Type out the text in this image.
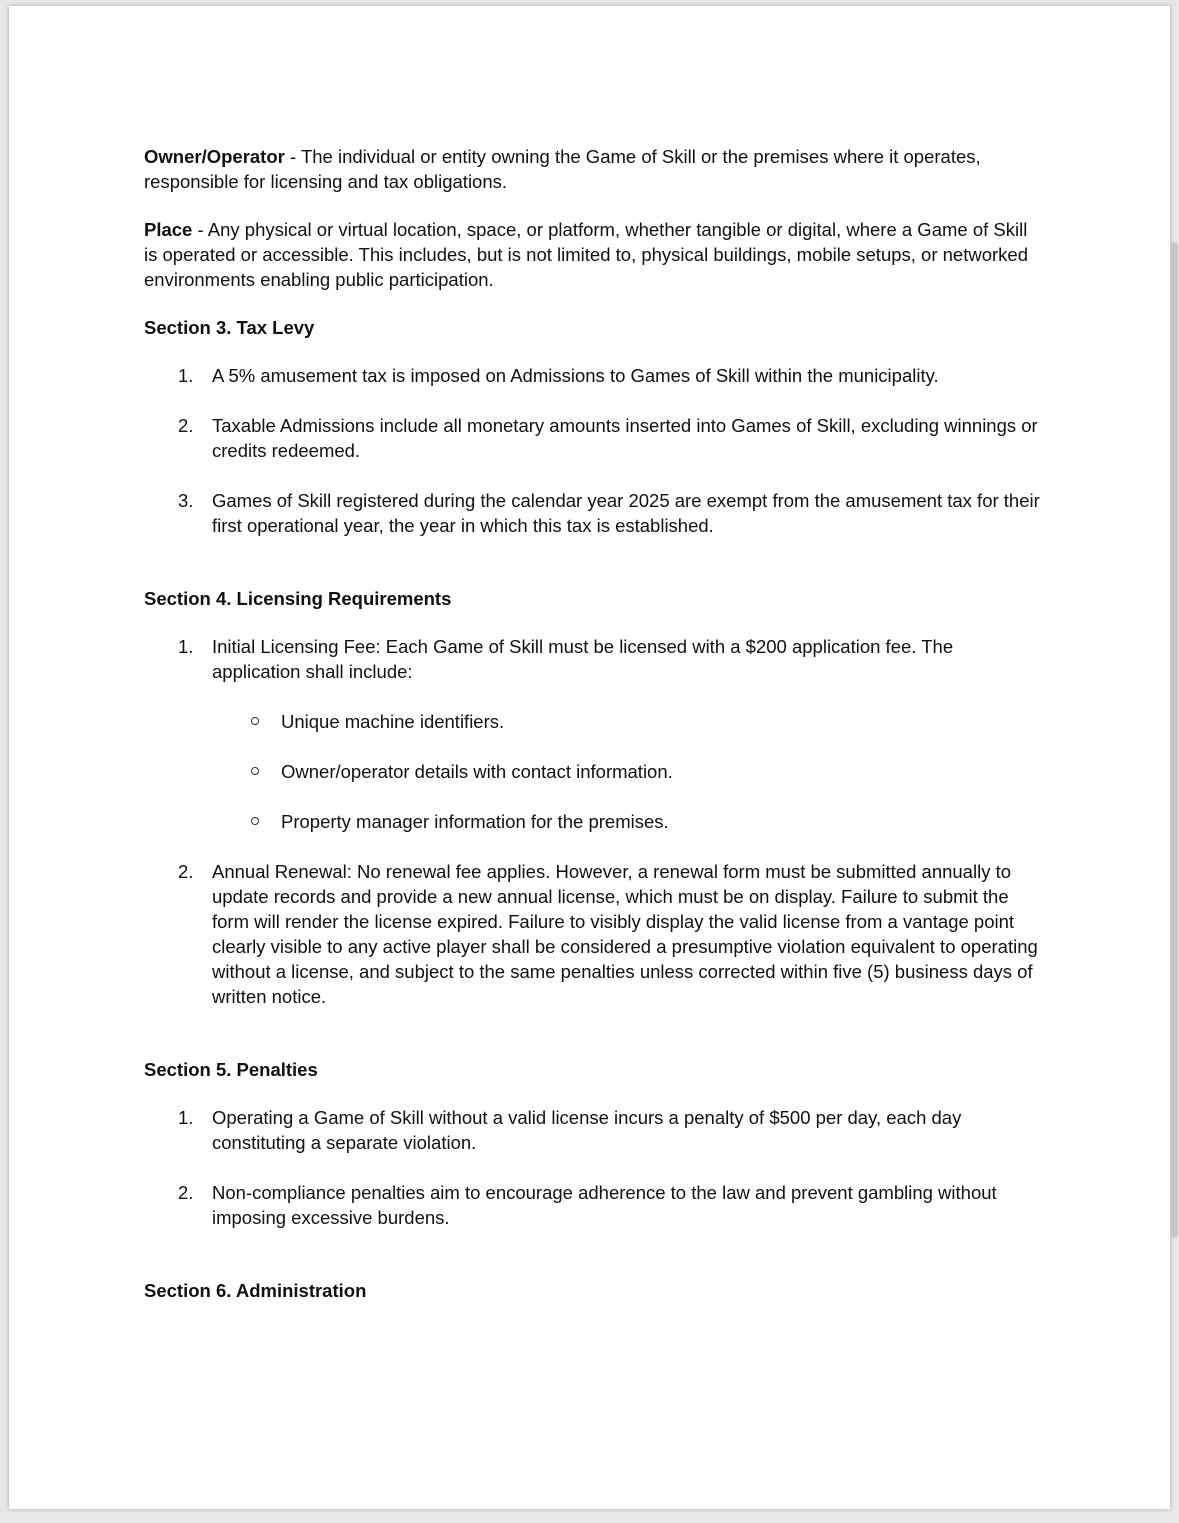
Owner/Operator - The individual or entity owning the Game of Skill or the premises where it operates, responsible for licensing and tax obligations.

Place - Any physical or virtual location, space, or platform, whether tangible or digital, where a Game of Skill is operated or accessible. This includes, but is not limited to, physical buildings, mobile setups, or networked environments enabling public participation.

Section 3. Tax Levy
1. A 5% amusement tax is imposed on Admissions to Games of Skill within the municipality.
2. Taxable Admissions include all monetary amounts inserted into Games of Skill, excluding winnings or credits redeemed.
3. Games of Skill registered during the calendar year 2025 are exempt from the amusement tax for their first operational year, the year in which this tax is established.
Section 4. Licensing Requirements
1. Initial Licensing Fee: Each Game of Skill must be licensed with a $200 application fee. The application shall include:
Unique machine identifiers.
Owner/operator details with contact information.
Property manager information for the premises.
2. Annual Renewal: No renewal fee applies. However, a renewal form must be submitted annually to update records and provide a new annual license, which must be on display. Failure to submit the form will render the license expired. Failure to visibly display the valid license from a vantage point clearly visible to any active player shall be considered a presumptive violation equivalent to operating without a license, and subject to the same penalties unless corrected within five (5) business days of written notice.
Section 5. Penalties
1. Operating a Game of Skill without a valid license incurs a penalty of $500 per day, each day constituting a separate violation.
2. Non-compliance penalties aim to encourage adherence to the law and prevent gambling without imposing excessive burdens.
Section 6. Administration
